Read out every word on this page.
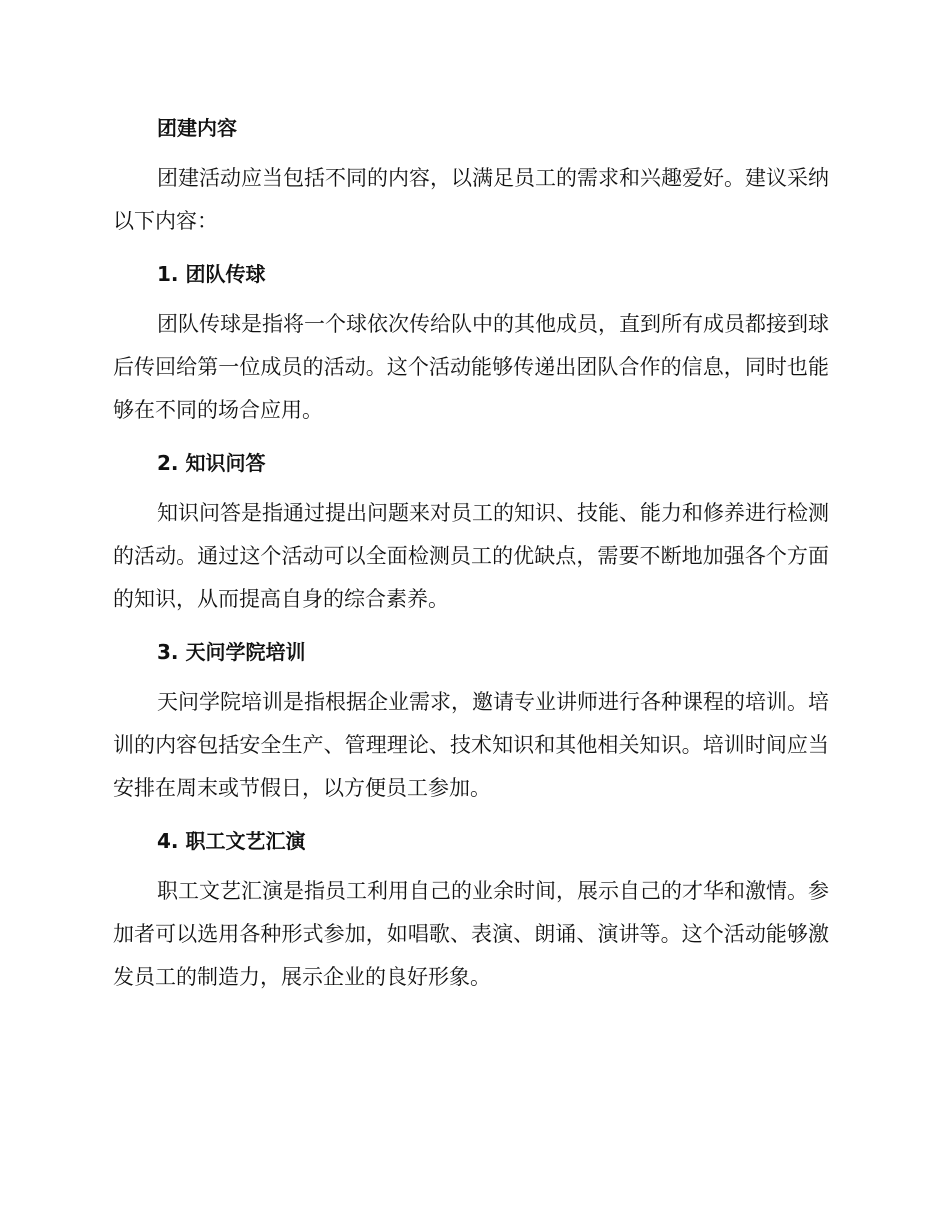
团建内容

团建活动应当包括不同的内容，以满足员工的需求和兴趣爱好。建议采纳以下内容：

1. 团队传球

团队传球是指将一个球依次传给队中的其他成员，直到所有成员都接到球后传回给第一位成员的活动。这个活动能够传递出团队合作的信息，同时也能够在不同的场合应用。

2. 知识问答

知识问答是指通过提出问题来对员工的知识、技能、能力和修养进行检测的活动。通过这个活动可以全面检测员工的优缺点，需要不断地加强各个方面的知识，从而提高自身的综合素养。

3. 天问学院培训

天问学院培训是指根据企业需求，邀请专业讲师进行各种课程的培训。培训的内容包括安全生产、管理理论、技术知识和其他相关知识。培训时间应当安排在周末或节假日，以方便员工参加。

4. 职工文艺汇演

职工文艺汇演是指员工利用自己的业余时间，展示自己的才华和激情。参加者可以选用各种形式参加，如唱歌、表演、朗诵、演讲等。这个活动能够激发员工的制造力，展示企业的良好形象。
